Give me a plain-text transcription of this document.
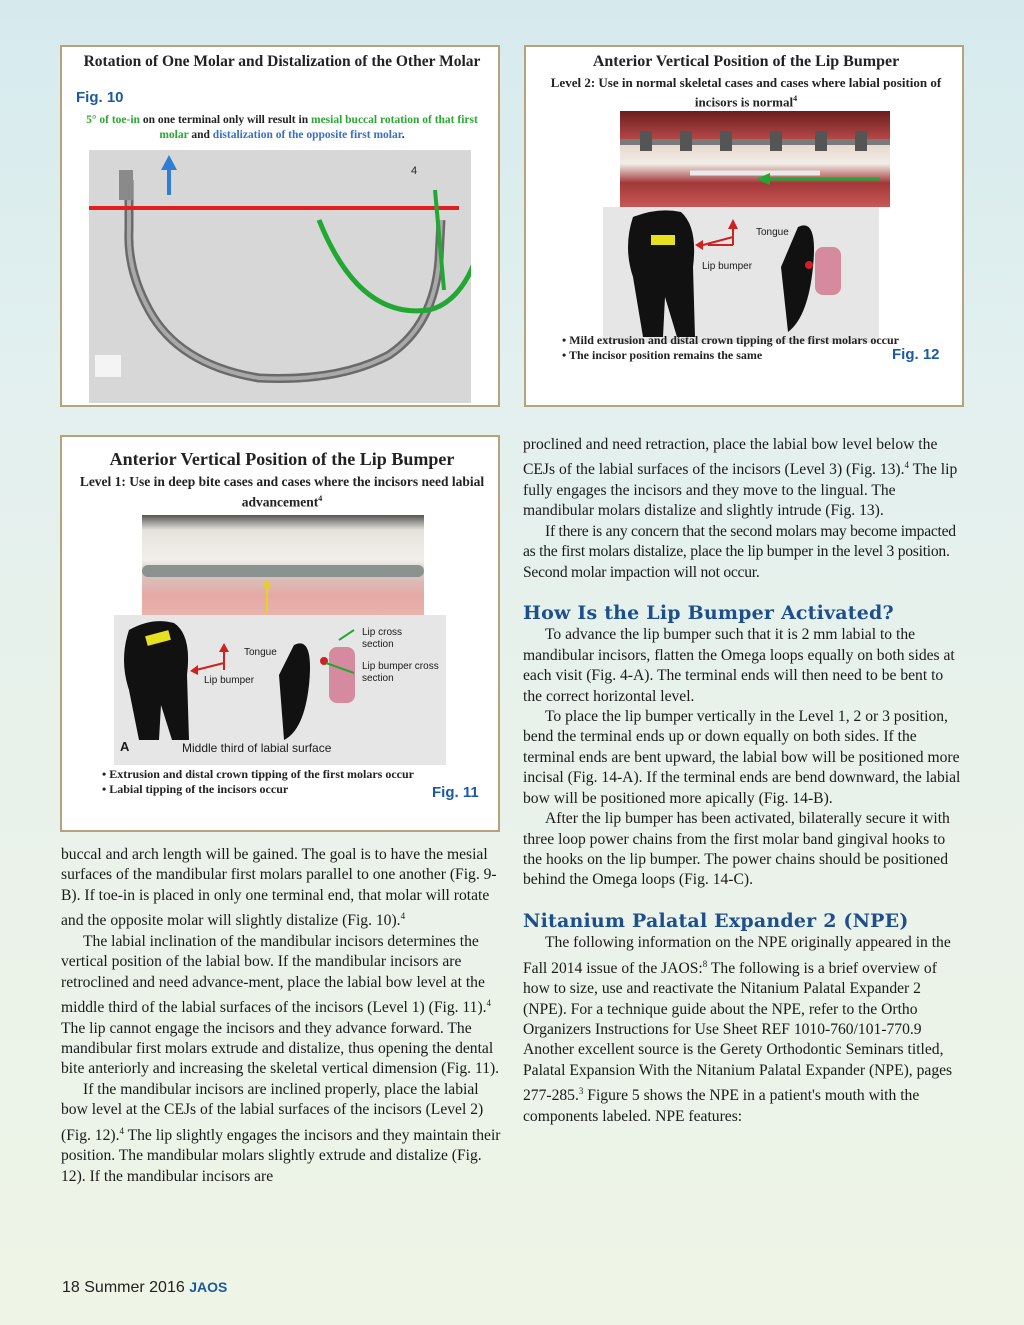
Rotation of One Molar and Distalization of the Other Molar
Fig. 10
5° of toe-in on one terminal only will result in mesial buccal rotation of that first molar and distalization of the opposite first molar.
4
Anterior Vertical Position of the Lip Bumper
Level 2: Use in normal skeletal cases and cases where labial position of incisors is normal$^4$
Tongue
Lip bumper
• Mild extrusion and distal crown tipping of the first molars occur
• The incisor position remains the same	Fig. 12
Anterior Vertical Position of the Lip Bumper
Level 1: Use in deep bite cases and cases where the incisors need labial advancement$^4$
Tongue
Lip bumper
Lip cross section
Lip bumper cross section
A	Middle third of labial surface
• Extrusion and distal crown tipping of the first molars occur
• Labial tipping of the incisors occur	Fig. 11

buccal and arch length will be gained. The goal is to have the mesial surfaces of the mandibular first molars parallel to one another (Fig. 9-B). If toe-in is placed in only one terminal end, that molar will rotate and the opposite molar will slightly distalize (Fig. 10).$^4$

The labial inclination of the mandibular incisors determines the vertical position of the labial bow. If the mandibular incisors are retroclined and need advance-ment, place the labial bow level at the middle third of the labial surfaces of the incisors (Level 1) (Fig. 11).$^4$ The lip cannot engage the incisors and they advance forward. The mandibular first molars extrude and distalize, thus opening the dental bite anteriorly and increasing the skeletal vertical dimension (Fig. 11).

If the mandibular incisors are inclined properly, place the labial bow level at the CEJs of the labial surfaces of the incisors (Level 2) (Fig. 12).$^4$ The lip slightly engages the incisors and they maintain their position. The mandibular molars slightly extrude and distalize (Fig. 12). If the mandibular incisors are

proclined and need retraction, place the labial bow level below the CEJs of the labial surfaces of the incisors (Level 3) (Fig. 13).$^4$ The lip fully engages the incisors and they move to the lingual. The mandibular molars distalize and slightly intrude (Fig. 13).

If there is any concern that the second molars may become impacted as the first molars distalize, place the lip bumper in the level 3 position. Second molar impaction will not occur.

How Is the Lip Bumper Activated?

To advance the lip bumper such that it is 2 mm labial to the mandibular incisors, flatten the Omega loops equally on both sides at each visit (Fig. 4-A). The terminal ends will then need to be bent to the correct horizontal level.

To place the lip bumper vertically in the Level 1, 2 or 3 position, bend the terminal ends up or down equally on both sides. If the terminal ends are bent upward, the labial bow will be positioned more incisal (Fig. 14-A). If the terminal ends are bend downward, the labial bow will be positioned more apically (Fig. 14-B).

After the lip bumper has been activated, bilaterally secure it with three loop power chains from the first molar band gingival hooks to the hooks on the lip bumper. The power chains should be positioned behind the Omega loops (Fig. 14-C).

Nitanium Palatal Expander 2 (NPE)

The following information on the NPE originally appeared in the Fall 2014 issue of the JAOS:$^8$ The following is a brief overview of how to size, use and reactivate the Nitanium Palatal Expander 2 (NPE). For a technique guide about the NPE, refer to the Ortho Organizers Instructions for Use Sheet REF 1010-760/101-770.9 Another excellent source is the Gerety Orthodontic Seminars titled, Palatal Expansion With the Nitanium Palatal Expander (NPE), pages 277-285.$^3$ Figure 5 shows the NPE in a patient's mouth with the components labeled. NPE features:

18 Summer 2016 JAOS
